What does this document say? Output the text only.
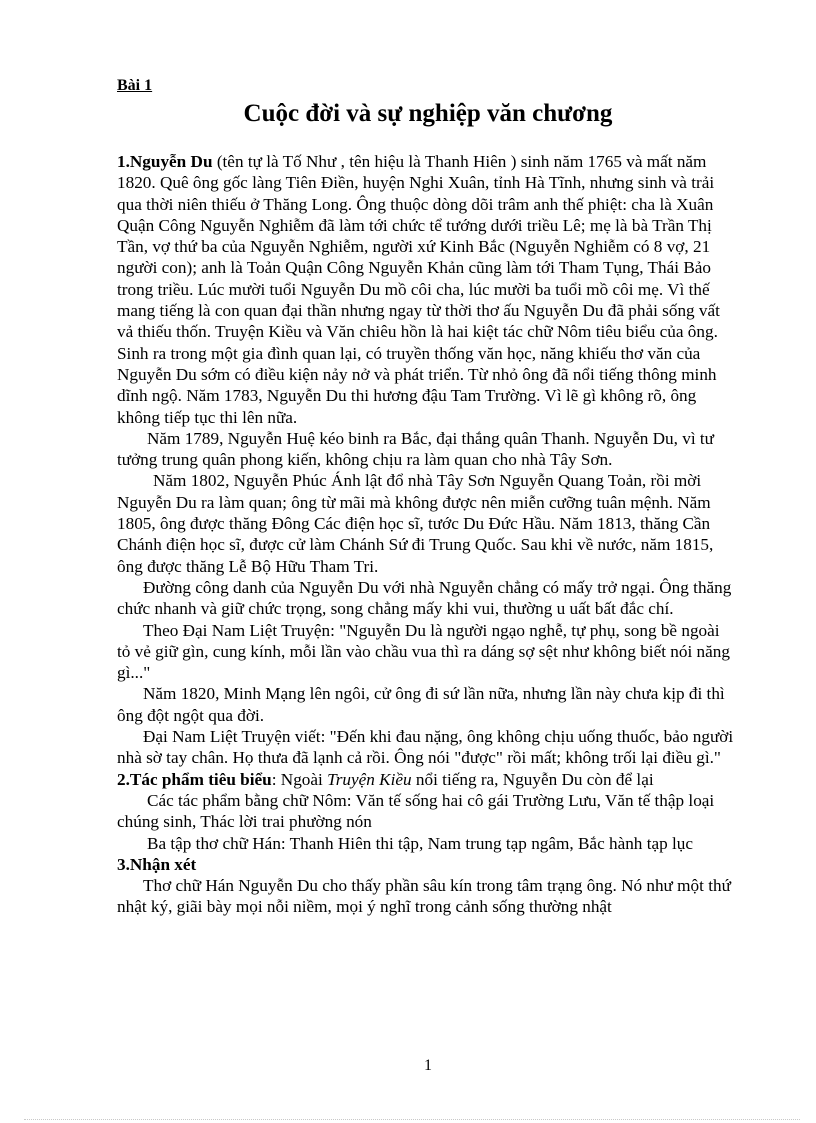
Bài 1
Cuộc đời và sự nghiệp văn chương

1.Nguyễn Du (tên tự là Tố Như , tên hiệu là Thanh Hiên ) sinh năm 1765 và mất năm 1820. Quê ông gốc làng Tiên Điền, huyện Nghi Xuân, tỉnh Hà Tĩnh, nhưng sinh và trải qua thời niên thiếu ở Thăng Long. Ông thuộc dòng dõi trâm anh thế phiệt: cha là Xuân Quận Công Nguyễn Nghiễm đã làm tới chức tể tướng dưới triều Lê; mẹ là bà Trần Thị Tần, vợ thứ ba của Nguyễn Nghiễm, người xứ Kinh Bắc (Nguyễn Nghiễm có 8 vợ, 21 người con); anh là Toản Quận Công Nguyễn Khản cũng làm tới Tham Tụng, Thái Bảo trong triều. Lúc mười tuổi Nguyễn Du mồ côi cha, lúc mười ba tuổi mồ côi mẹ. Vì thế mang tiếng là con quan đại thần nhưng ngay từ thời thơ ấu Nguyễn Du đã phải sống vất vả thiếu thốn. Truyện Kiều và Văn chiêu hồn là hai kiệt tác chữ Nôm tiêu biểu của ông.

Sinh ra trong một gia đình quan lại, có truyền thống văn học, năng khiếu thơ văn của Nguyễn Du sớm có điều kiện nảy nở và phát triển. Từ nhỏ ông đã nổi tiếng thông minh dĩnh ngộ. Năm 1783, Nguyễn Du thi hương đậu Tam Trường. Vì lẽ gì không rõ, ông không tiếp tục thi lên nữa.

Năm 1789, Nguyễn Huệ kéo binh ra Bắc, đại thắng quân Thanh. Nguyễn Du, vì tư tưởng trung quân phong kiến, không chịu ra làm quan cho nhà Tây Sơn.

Năm 1802, Nguyễn Phúc Ánh lật đổ nhà Tây Sơn Nguyễn Quang Toản, rồi mời Nguyễn Du ra làm quan; ông từ mãi mà không được nên miễn cưỡng tuân mệnh. Năm 1805, ông được thăng Đông Các điện học sĩ, tước Du Đức Hầu. Năm 1813, thăng Cần Chánh điện học sĩ, được cử làm Chánh Sứ đi Trung Quốc. Sau khi về nước, năm 1815, ông được thăng Lễ Bộ Hữu Tham Tri.

Đường công danh của Nguyễn Du với nhà Nguyễn chẳng có mấy trở ngại. Ông thăng chức nhanh và giữ chức trọng, song chẳng mấy khi vui, thường u uất bất đắc chí.

Theo Đại Nam Liệt Truyện: "Nguyễn Du là người ngạo nghễ, tự phụ, song bề ngoài tỏ vẻ giữ gìn, cung kính, mỗi lần vào chầu vua thì ra dáng sợ sệt như không biết nói năng gì..."

Năm 1820, Minh Mạng lên ngôi, cử ông đi sứ lần nữa, nhưng lần này chưa kịp đi thì ông đột ngột qua đời.

Đại Nam Liệt Truyện viết: "Đến khi đau nặng, ông không chịu uống thuốc, bảo người nhà sờ tay chân. Họ thưa đã lạnh cả rồi. Ông nói "được" rồi mất; không trối lại điều gì."

2.Tác phẩm tiêu biểu: Ngoài Truyện Kiều nổi tiếng ra, Nguyễn Du còn để lại

Các tác phẩm bằng chữ Nôm: Văn tế sống hai cô gái Trường Lưu, Văn tế thập loại chúng sinh, Thác lời trai phường nón

Ba tập thơ chữ Hán: Thanh Hiên thi tập, Nam trung tạp ngâm, Bắc hành tạp lục

3.Nhận xét

Thơ chữ Hán Nguyễn Du cho thấy phần sâu kín trong tâm trạng ông. Nó như một thứ nhật ký, giãi bày mọi nỗi niềm, mọi ý nghĩ trong cảnh sống thường nhật

1
